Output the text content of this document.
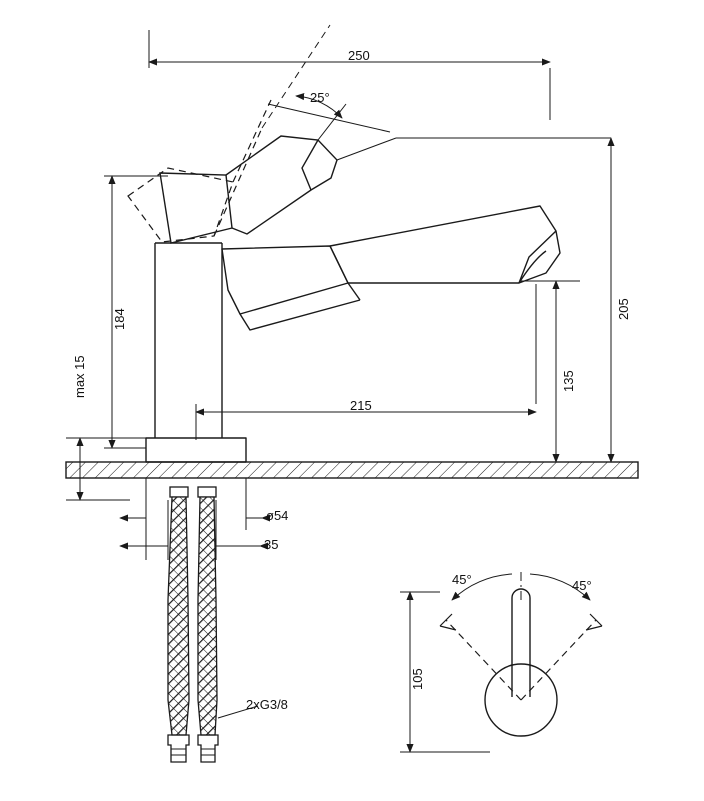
250
25°
184	205
135
215
max 15
ø54
35
2xG3/8
45°	45°
105
